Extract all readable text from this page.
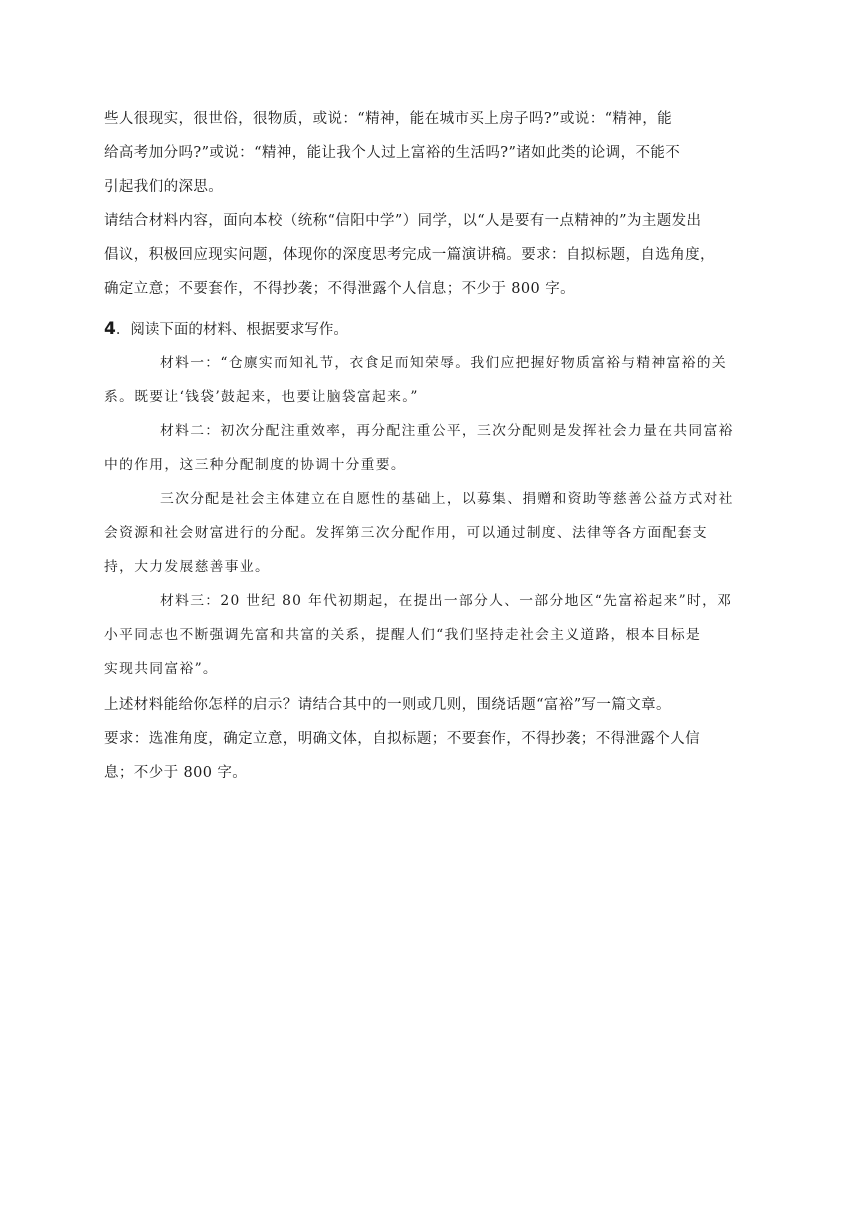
些人很现实，很世俗，很物质，或说：“精神，能在城市买上房子吗?”或说：“精神，能
给高考加分吗?”或说：“精神，能让我个人过上富裕的生活吗?”诸如此类的论调，不能不
引起我们的深思。
请结合材料内容，面向本校（统称“信阳中学”）同学，以“人是要有一点精神的”为主题发出
倡议，积极回应现实问题，体现你的深度思考完成一篇演讲稿。要求：自拟标题，自选角度，
确定立意；不要套作，不得抄袭；不得泄露个人信息；不少于 800 字。
4．阅读下面的材料、根据要求写作。
材料一：“仓廪实而知礼节，衣食足而知荣辱。我们应把握好物质富裕与精神富裕的关
系。既要让‘钱袋’鼓起来，也要让脑袋富起来。”
材料二：初次分配注重效率，再分配注重公平，三次分配则是发挥社会力量在共同富裕
中的作用，这三种分配制度的协调十分重要。
三次分配是社会主体建立在自愿性的基础上，以募集、捐赠和资助等慈善公益方式对社
会资源和社会财富进行的分配。发挥第三次分配作用，可以通过制度、法律等各方面配套支
持，大力发展慈善事业。
材料三：20 世纪 80 年代初期起，在提出一部分人、一部分地区“先富裕起来”时，邓
小平同志也不断强调先富和共富的关系，提醒人们“我们坚持走社会主义道路，根本目标是
实现共同富裕”。
上述材料能给你怎样的启示？请结合其中的一则或几则，围绕话题“富裕”写一篇文章。
要求：选准角度，确定立意，明确文体，自拟标题；不要套作，不得抄袭；不得泄露个人信
息；不少于 800 字。
